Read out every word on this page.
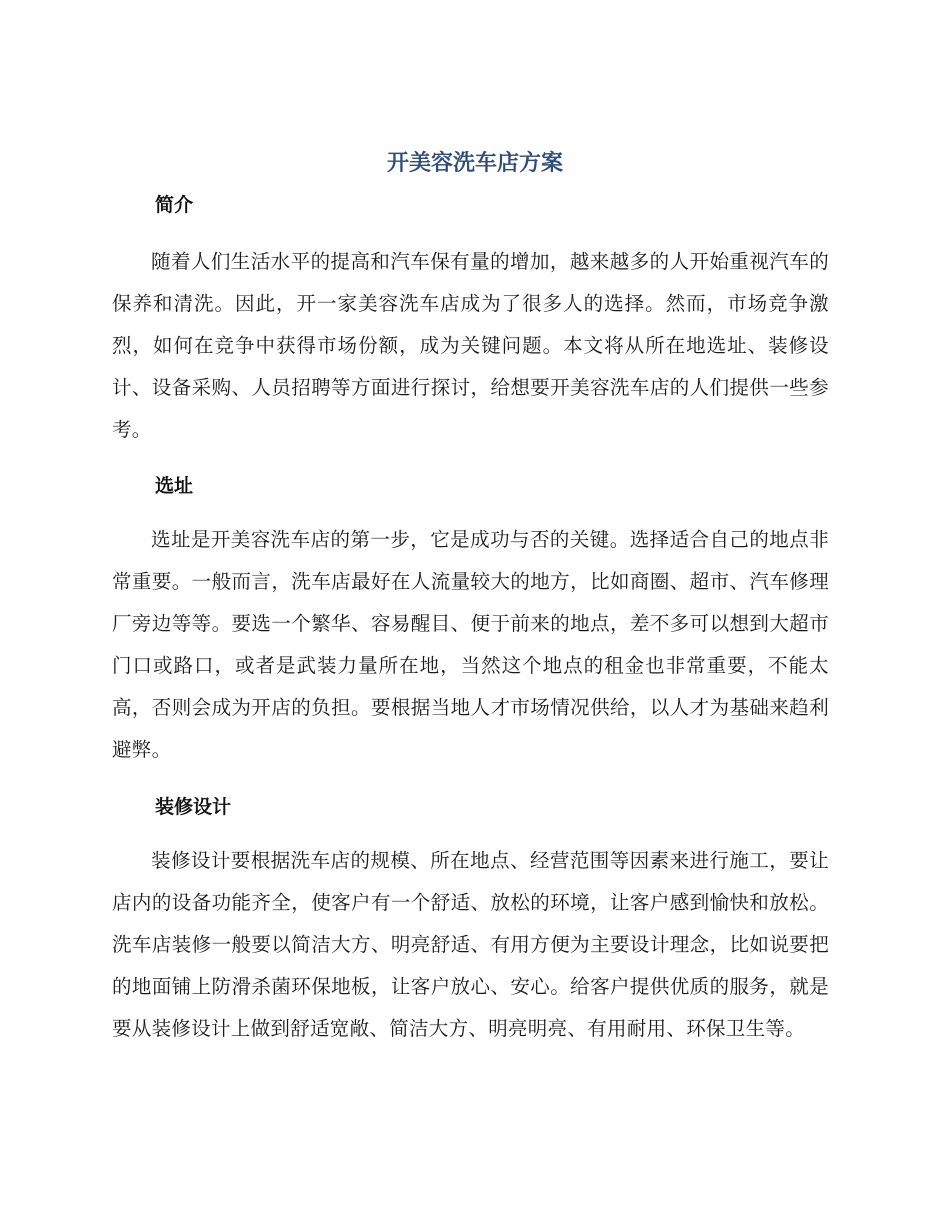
开美容洗车店方案
简介

随着人们生活水平的提高和汽车保有量的增加，越来越多的人开始重视汽车的保养和清洗。因此，开一家美容洗车店成为了很多人的选择。然而，市场竞争激烈，如何在竞争中获得市场份额，成为关键问题。本文将从所在地选址、装修设计、设备采购、人员招聘等方面进行探讨，给想要开美容洗车店的人们提供一些参考。

选址

选址是开美容洗车店的第一步，它是成功与否的关键。选择适合自己的地点非常重要。一般而言，洗车店最好在人流量较大的地方，比如商圈、超市、汽车修理厂旁边等等。要选一个繁华、容易醒目、便于前来的地点，差不多可以想到大超市门口或路口，或者是武装力量所在地，当然这个地点的租金也非常重要，不能太高，否则会成为开店的负担。要根据当地人才市场情况供给，以人才为基础来趋利避弊。

装修设计

装修设计要根据洗车店的规模、所在地点、经营范围等因素来进行施工，要让店内的设备功能齐全，使客户有一个舒适、放松的环境，让客户感到愉快和放松。洗车店装修一般要以简洁大方、明亮舒适、有用方便为主要设计理念，比如说要把的地面铺上防滑杀菌环保地板，让客户放心、安心。给客户提供优质的服务，就是要从装修设计上做到舒适宽敞、简洁大方、明亮明亮、有用耐用、环保卫生等。
